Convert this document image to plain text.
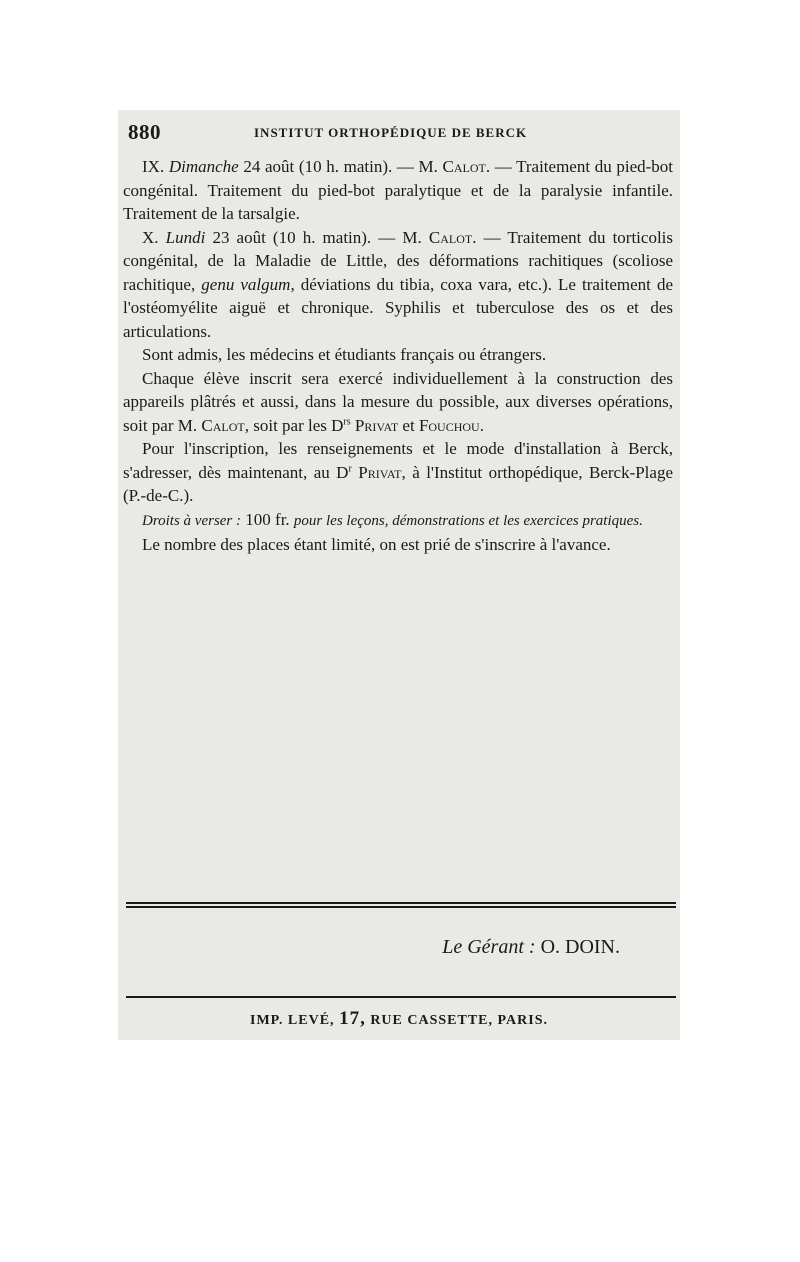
880	INSTITUT ORTHOPÉDIQUE DE BERCK

IX. Dimanche 24 août (10 h. matin). — M. Calot. — Traitement du pied-bot congénital. Traitement du pied-bot paralytique et de la paralysie infantile. Traitement de la tarsalgie.

X. Lundi 23 août (10 h. matin). — M. Calot. — Traitement du torticolis congénital, de la Maladie de Little, des déformations rachitiques (scoliose rachitique, genu valgum, déviations du tibia, coxa vara, etc.). Le traitement de l'ostéomyélite aiguë et chronique. Syphilis et tuberculose des os et des articulations.

Sont admis, les médecins et étudiants français ou étrangers.

Chaque élève inscrit sera exercé individuellement à la construction des appareils plâtrés et aussi, dans la mesure du possible, aux diverses opérations, soit par M. Calot, soit par les $D^{rs}$ Privat et Fouchou.

Pour l'inscription, les renseignements et le mode d'installation à Berck, s'adresser, dès maintenant, au $D^r$ Privat, à l'Institut orthopédique, Berck-Plage (P.-de-C.).

Droits à verser : 100 fr. pour les leçons, démonstrations et les exercices pratiques.

Le nombre des places étant limité, on est prié de s'inscrire à l'avance.

Le Gérant : O. DOIN.
IMP. LEVÉ, 17, RUE CASSETTE, PARIS.
